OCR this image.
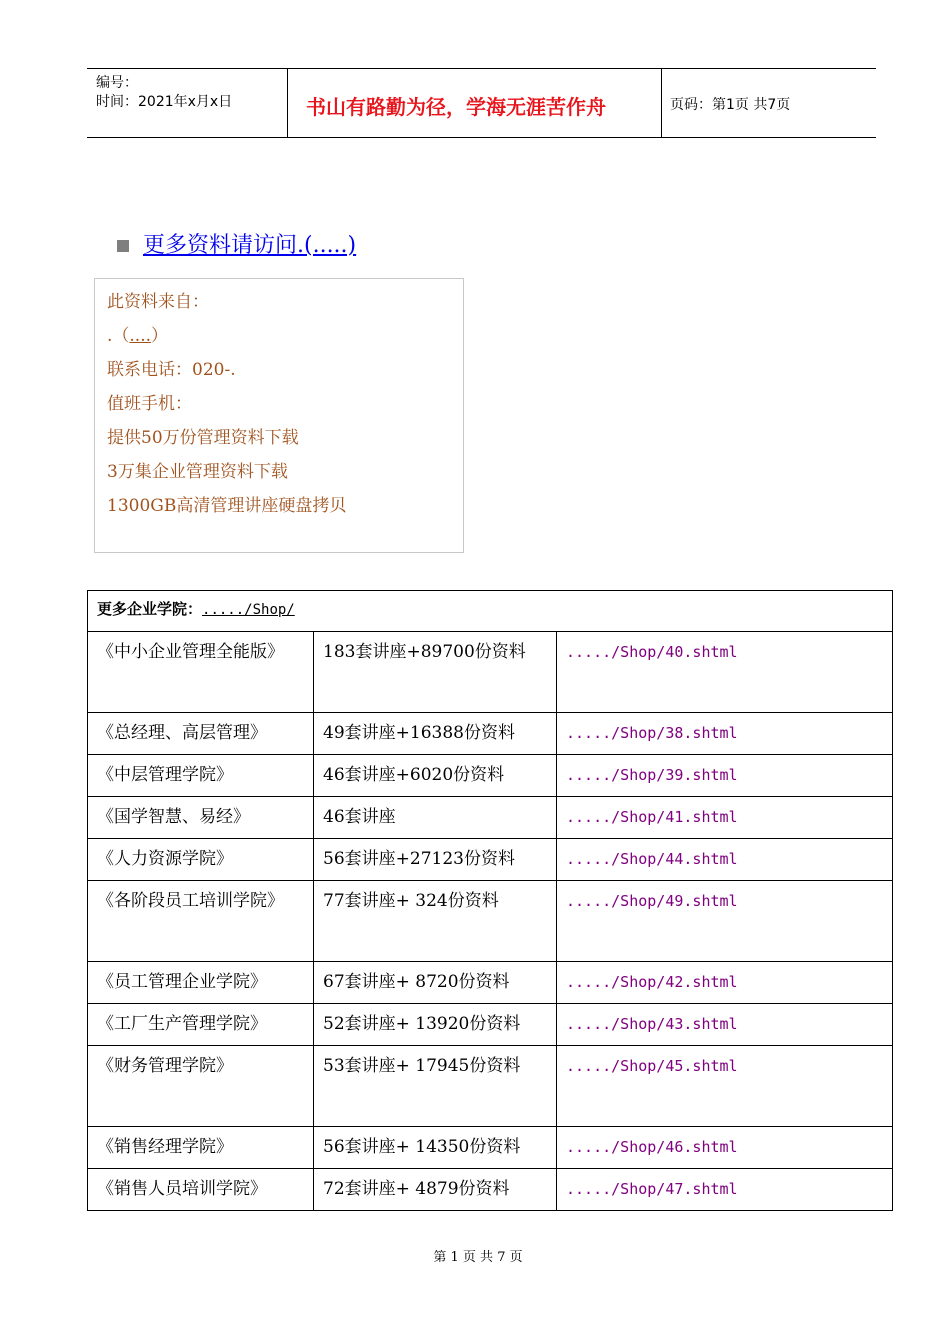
编号：
时间：2021年x月x日	书山有路勤为径，学海无涯苦作舟	页码：第1页 共7页
更多资料请访问.(.....)
此资料来自：
.（....）
联系电话：020-.
值班手机：
提供50万份管理资料下载
3万集企业管理资料下载
1300GB高清管理讲座硬盘拷贝
更多企业学院：...../Shop/		
《中小企业管理全能版》	183套讲座+89700份资料	...../Shop/40.shtml
《总经理、高层管理》	49套讲座+16388份资料	...../Shop/38.shtml
《中层管理学院》	46套讲座+6020份资料	...../Shop/39.shtml
《国学智慧、易经》	46套讲座	...../Shop/41.shtml
《人力资源学院》	56套讲座+27123份资料	...../Shop/44.shtml
《各阶段员工培训学院》	77套讲座+ 324份资料	...../Shop/49.shtml
《员工管理企业学院》	67套讲座+ 8720份资料	...../Shop/42.shtml
《工厂生产管理学院》	52套讲座+ 13920份资料	...../Shop/43.shtml
《财务管理学院》	53套讲座+ 17945份资料	...../Shop/45.shtml
《销售经理学院》	56套讲座+ 14350份资料	...../Shop/46.shtml
《销售人员培训学院》	72套讲座+ 4879份资料	...../Shop/47.shtml
第 1 页 共 7 页
